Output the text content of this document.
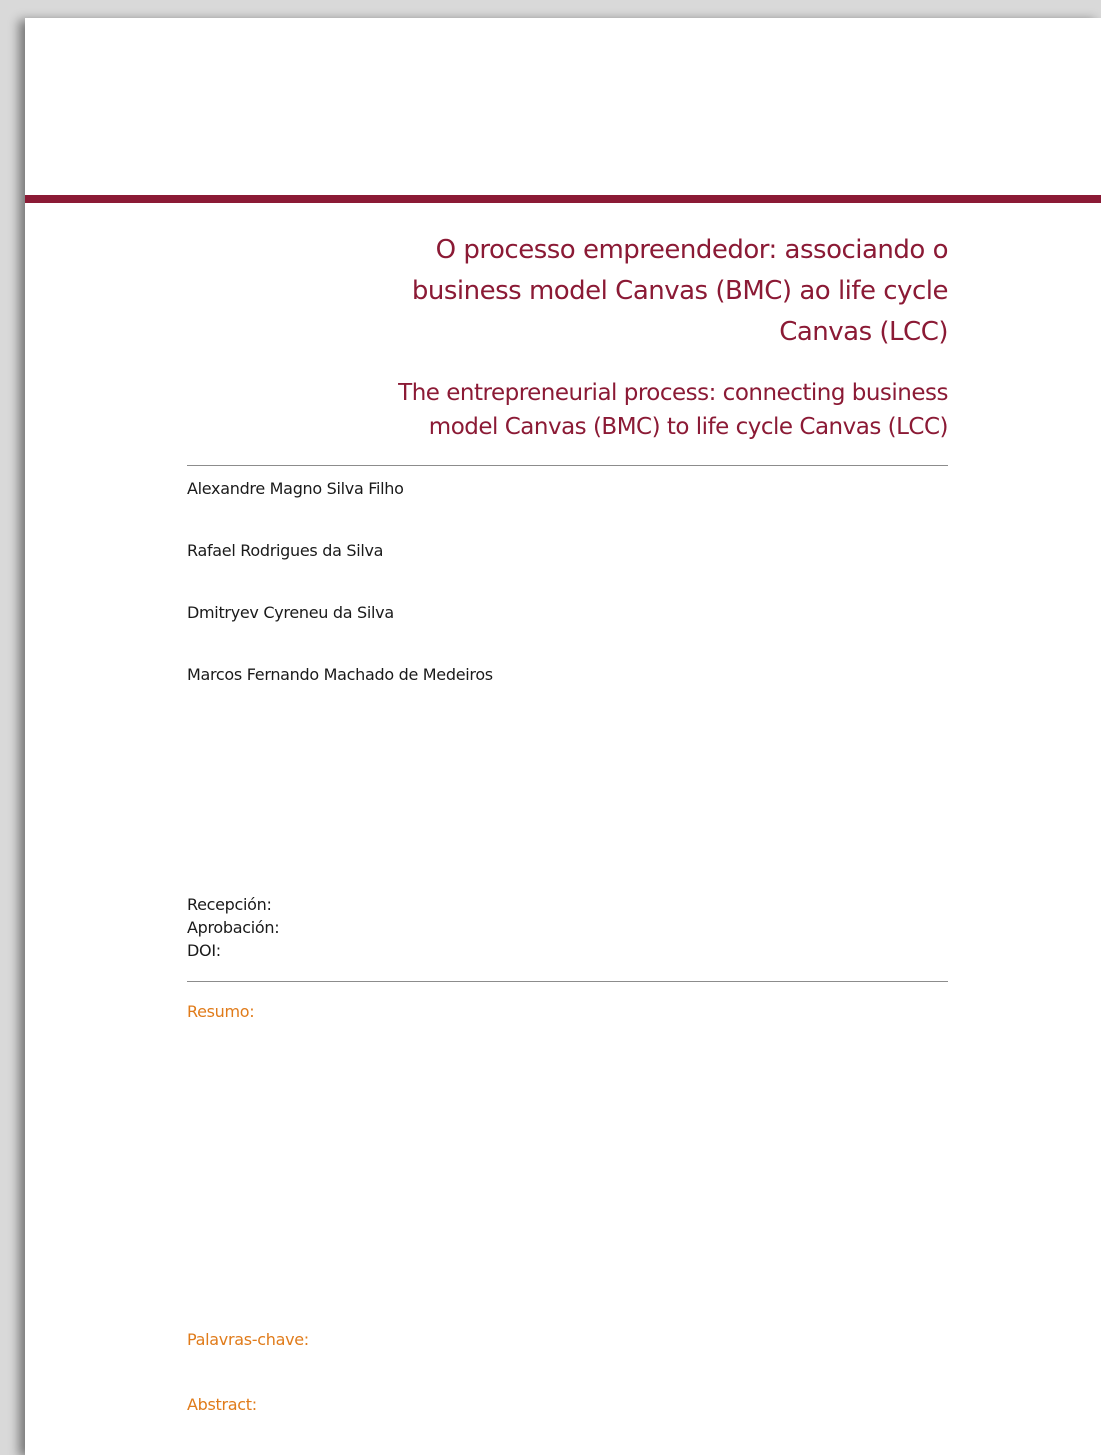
O processo empreendedor: associando o business model Canvas (BMC) ao life cycle Canvas (LCC)
The entrepreneurial process: connecting business model Canvas (BMC) to life cycle Canvas (LCC)
Alexandre Magno Silva Filho
Rafael Rodrigues da Silva
Dmitryev Cyreneu da Silva
Marcos Fernando Machado de Medeiros
Recepción:
Aprobación:
DOI:
Resumo:
Palavras-chave:
Abstract:
